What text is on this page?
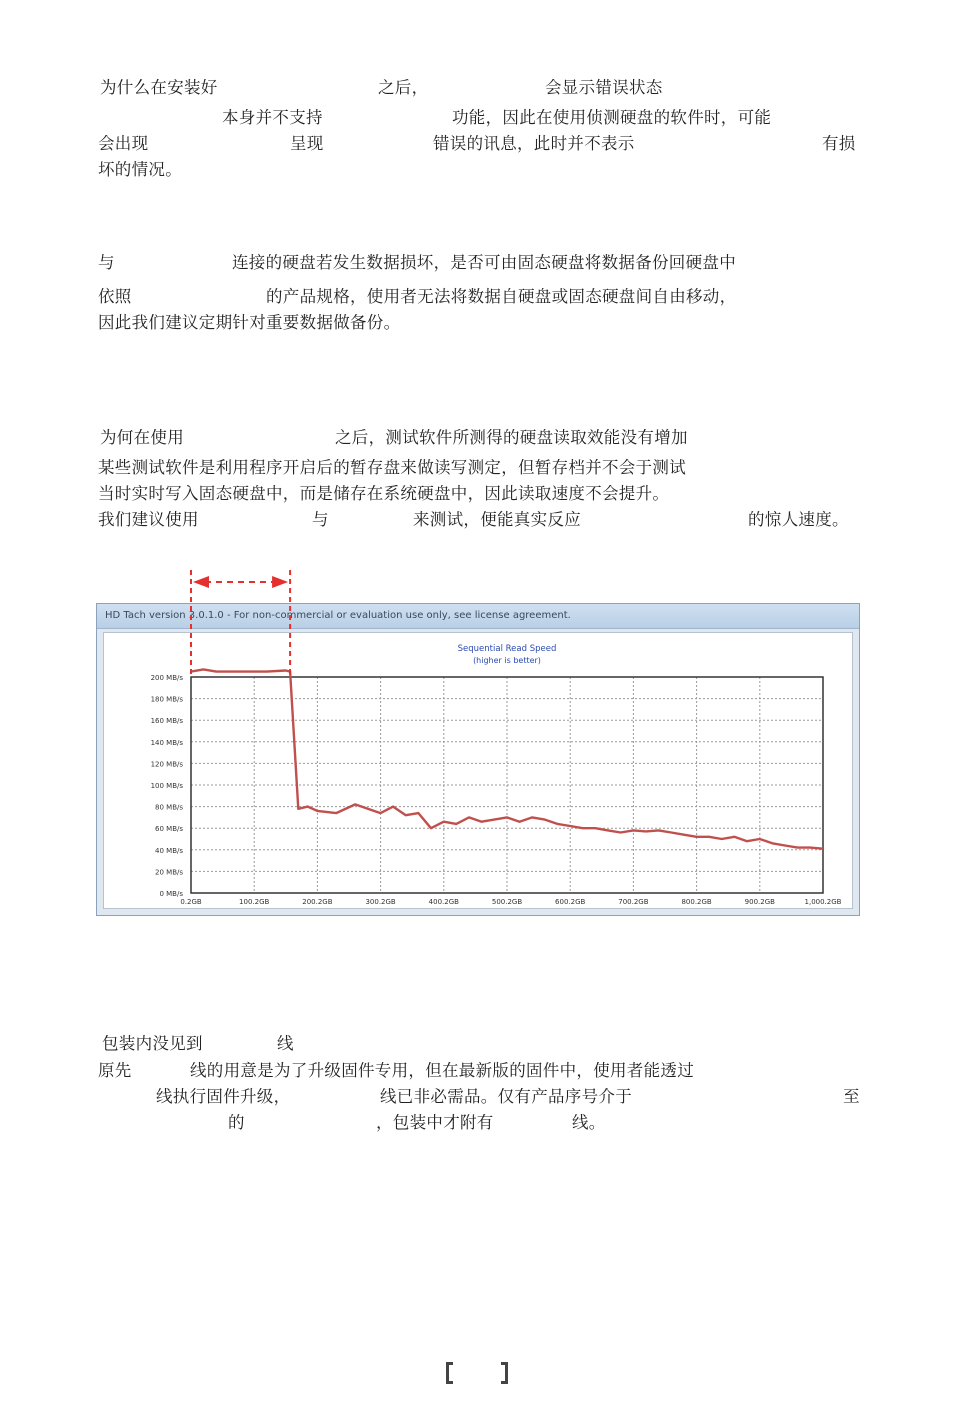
为什么在安装好	之后，	会显示错误状态
本身并不支持	功能，因此在使用侦测硬盘的软件时，可能
会出现	呈现	错误的讯息，此时并不表示	有损
坏的情况。
与	连接的硬盘若发生数据损坏，是否可由固态硬盘将数据备份回硬盘中
依照	的产品规格，使用者无法将数据自硬盘或固态硬盘间自由移动，
因此我们建议定期针对重要数据做备份。
为何在使用	之后，测试软件所测得的硬盘读取效能没有增加
某些测试软件是利用程序开启后的暂存盘来做读写测定，但暂存档并不会于测试
当时实时写入固态硬盘中，而是储存在系统硬盘中，因此读取速度不会提升。
我们建议使用	与	来测试，便能真实反应	的惊人速度。
包装内没见到	线
原先	线的用意是为了升级固件专用，但在最新版的固件中，使用者能透过
线执行固件升级，	线已非必需品。仅有产品序号介于	至
的	，包装中才附有	线。
HD Tach version 3.0.1.0 - For non-commercial or evaluation use only, see license agreement.
Sequential Read Speed
(higher is better)
0 MB/s
20 MB/s
40 MB/s
60 MB/s
80 MB/s
100 MB/s
120 MB/s
140 MB/s
160 MB/s
180 MB/s
200 MB/s
0.2GB	100.2GB	200.2GB	300.2GB	400.2GB	500.2GB	600.2GB	700.2GB	800.2GB	900.2GB	1,000.2GB
